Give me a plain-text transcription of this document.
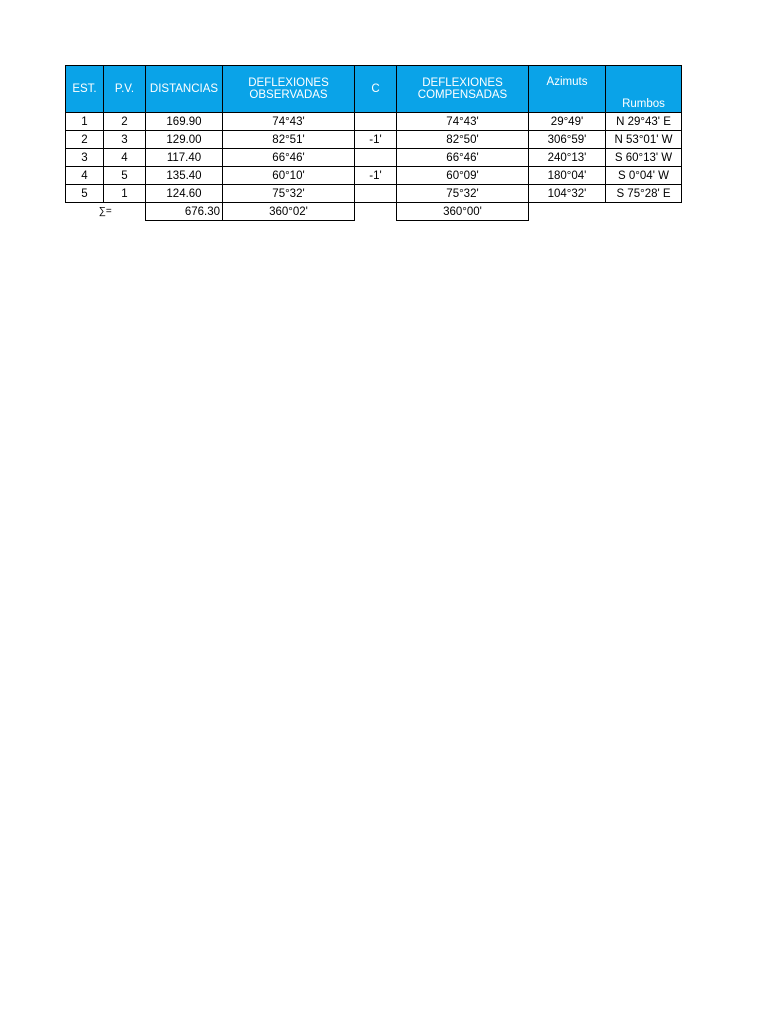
EST.	P.V.	DISTANCIAS	DEFLEXIONES OBSERVADAS	C	DEFLEXIONES COMPENSADAS	Azimuts	Rumbos
1	2	169.90	74°43'		74°43'	29°49'	N 29°43' E
2	3	129.00	82°51'	-1'	82°50'	306°59'	N 53°01' W
3	4	117.40	66°46'		66°46'	240°13'	S 60°13' W
4	5	135.40	60°10'	-1'	60°09'	180°04'	S 0°04' W
5	1	124.60	75°32'		75°32'	104°32'	S 75°28' E
∑=		676.30	360°02'		360°00'		
